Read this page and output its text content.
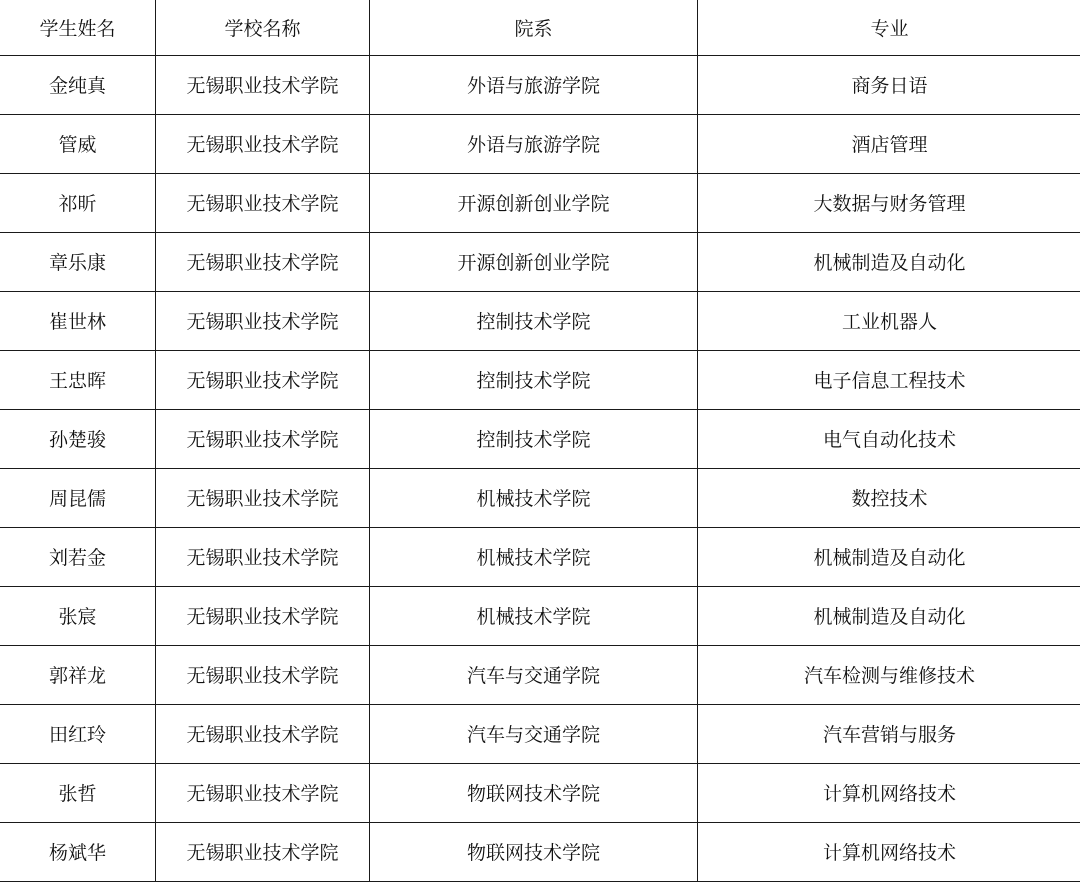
学生姓名	学校名称	院系	专业
金纯真	无锡职业技术学院	外语与旅游学院	商务日语
管威	无锡职业技术学院	外语与旅游学院	酒店管理
祁昕	无锡职业技术学院	开源创新创业学院	大数据与财务管理
章乐康	无锡职业技术学院	开源创新创业学院	机械制造及自动化
崔世林	无锡职业技术学院	控制技术学院	工业机器人
王忠晖	无锡职业技术学院	控制技术学院	电子信息工程技术
孙楚骏	无锡职业技术学院	控制技术学院	电气自动化技术
周昆儒	无锡职业技术学院	机械技术学院	数控技术
刘若金	无锡职业技术学院	机械技术学院	机械制造及自动化
张宸	无锡职业技术学院	机械技术学院	机械制造及自动化
郭祥龙	无锡职业技术学院	汽车与交通学院	汽车检测与维修技术
田红玲	无锡职业技术学院	汽车与交通学院	汽车营销与服务
张哲	无锡职业技术学院	物联网技术学院	计算机网络技术
杨斌华	无锡职业技术学院	物联网技术学院	计算机网络技术
